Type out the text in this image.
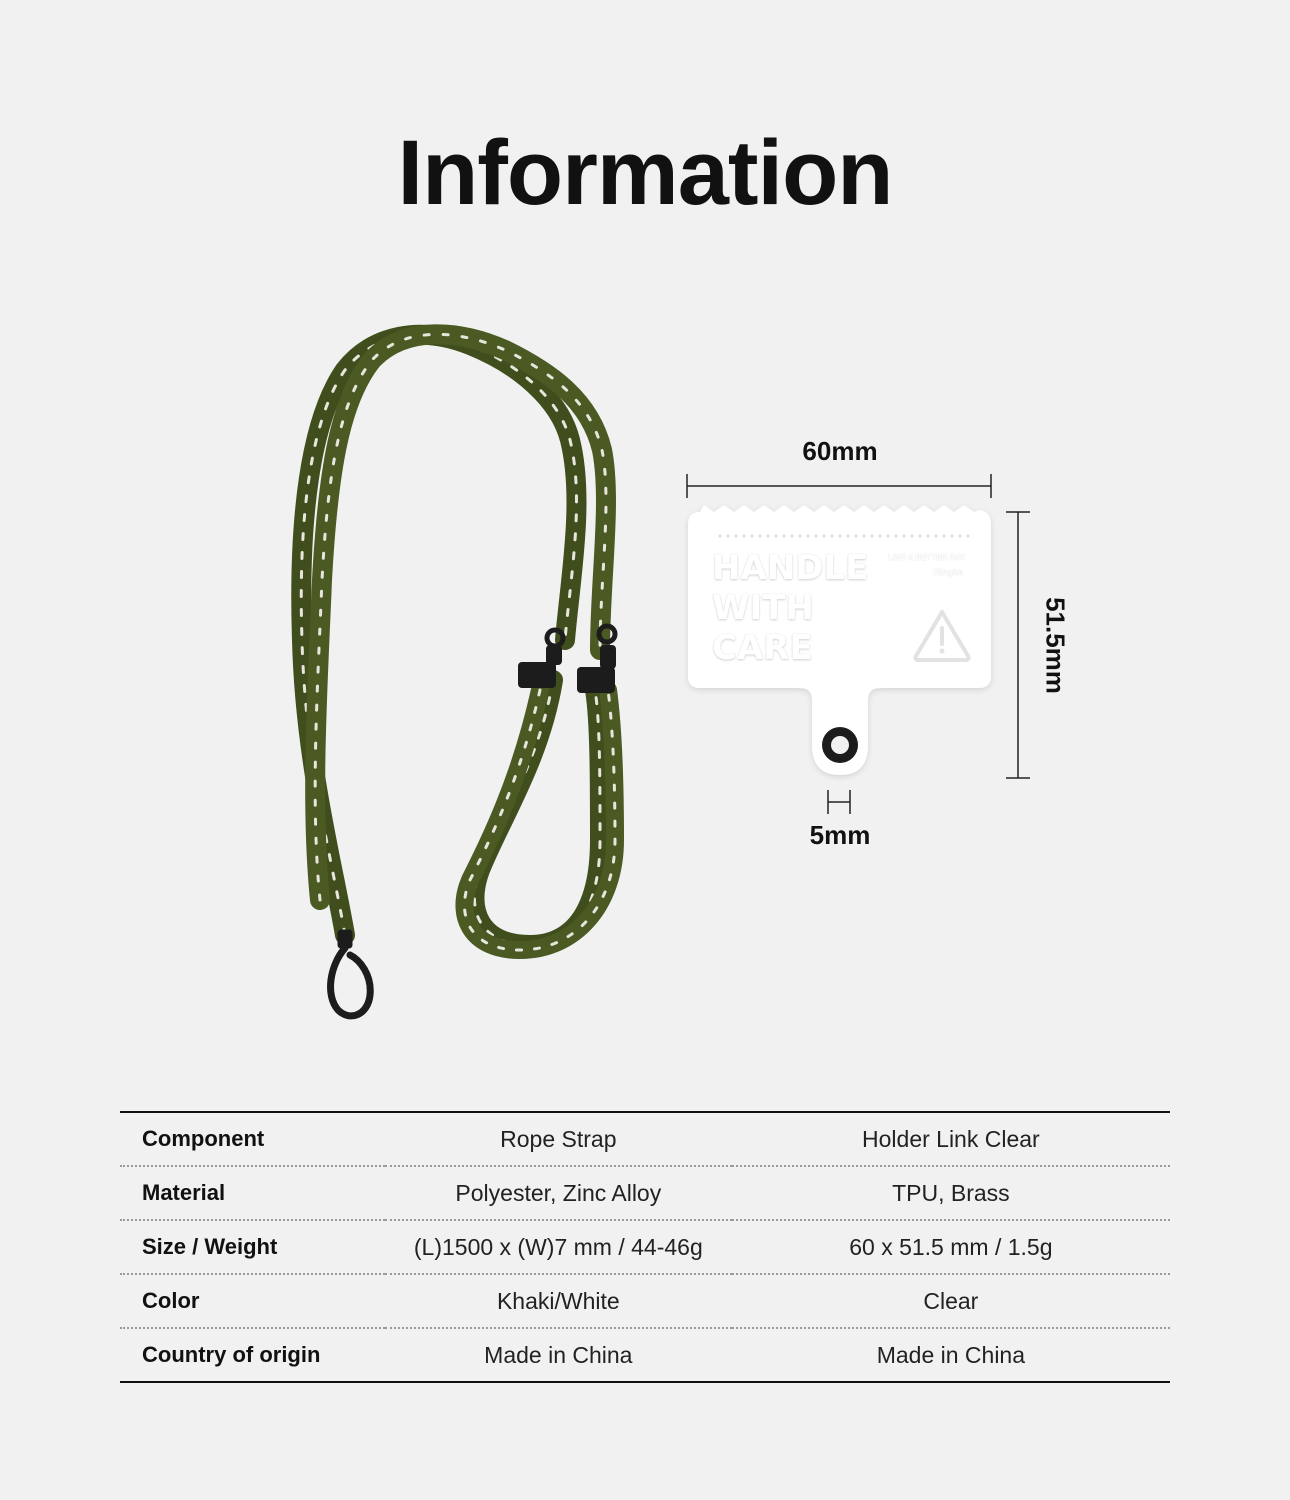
Information
HANDLE
WITH
CARE
LIVE A BETTER DAY
Ringke
60mm
51.5mm
5mm
Component	Rope Strap	Holder Link Clear
Material	Polyester, Zinc Alloy	TPU, Brass
Size / Weight	(L)1500 x (W)7 mm / 44-46g	60 x 51.5 mm / 1.5g
Color	Khaki/White	Clear
Country of origin	Made in China	Made in China
